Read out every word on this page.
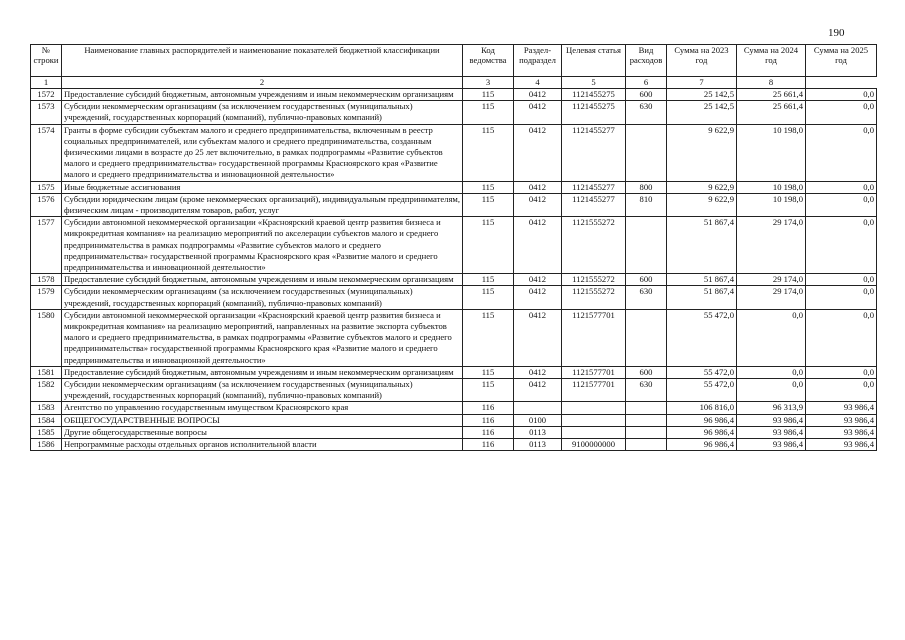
190
№ строки	Наименование главных распорядителей и наименование показателей бюджетной классификации	Код ведомства	Раздел-подраздел	Целевая статья	Вид расходов	Сумма на 2023 год	Сумма на 2024 год	Сумма на 2025 год
1	2	3	4	5	6	7	8	
1572	Предоставление субсидий бюджетным, автономным учреждениям и иным некоммерческим организациям	115	0412	1121455275	600	25 142,5	25 661,4	0,0
1573	Субсидии некоммерческим организациям (за исключением государственных (муниципальных) учреждений, государственных корпораций (компаний), публично-правовых компаний)	115	0412	1121455275	630	25 142,5	25 661,4	0,0
1574	Гранты в форме субсидии субъектам малого и среднего предпринимательства, включенным в реестр социальных предпринимателей, или субъектам малого и среднего предпринимательства, созданным физическими лицами в возрасте до 25 лет включительно, в рамках подпрограммы «Развитие субъектов малого и среднего предпринимательства» государственной программы Красноярского края «Развитие малого и среднего предпринимательства и инновационной деятельности»	115	0412	1121455277		9 622,9	10 198,0	0,0
1575	Иные бюджетные ассигнования	115	0412	1121455277	800	9 622,9	10 198,0	0,0
1576	Субсидии юридическим лицам (кроме некоммерческих организаций), индивидуальным предпринимателям, физическим лицам - производителям товаров, работ, услуг	115	0412	1121455277	810	9 622,9	10 198,0	0,0
1577	Субсидии автономной некоммерческой организации «Красноярский краевой центр развития бизнеса и микрокредитная компания» на реализацию мероприятий по акселерации субъектов малого и среднего предпринимательства в рамках подпрограммы «Развитие субъектов малого и среднего предпринимательства» государственной программы Красноярского края «Развитие малого и среднего предпринимательства и инновационной деятельности»	115	0412	1121555272		51 867,4	29 174,0	0,0
1578	Предоставление субсидий бюджетным, автономным учреждениям и иным некоммерческим организациям	115	0412	1121555272	600	51 867,4	29 174,0	0,0
1579	Субсидии некоммерческим организациям (за исключением государственных (муниципальных) учреждений, государственных корпораций (компаний), публично-правовых компаний)	115	0412	1121555272	630	51 867,4	29 174,0	0,0
1580	Субсидии автономной некоммерческой организации «Красноярский краевой центр развития бизнеса и микрокредитная компания» на реализацию мероприятий, направленных на развитие экспорта субъектов малого и среднего предпринимательства, в рамках подпрограммы «Развитие субъектов малого и среднего предпринимательства» государственной программы Красноярского края «Развитие малого и среднего предпринимательства и инновационной деятельности»	115	0412	1121577701		55 472,0	0,0	0,0
1581	Предоставление субсидий бюджетным, автономным учреждениям и иным некоммерческим организациям	115	0412	1121577701	600	55 472,0	0,0	0,0
1582	Субсидии некоммерческим организациям (за исключением государственных (муниципальных) учреждений, государственных корпораций (компаний), публично-правовых компаний)	115	0412	1121577701	630	55 472,0	0,0	0,0
1583	Агентство по управлению государственным имуществом Красноярского края	116				106 816,0	96 313,9	93 986,4
1584	ОБЩЕГОСУДАРСТВЕННЫЕ ВОПРОСЫ	116	0100			96 986,4	93 986,4	93 986,4
1585	Другие общегосударственные вопросы	116	0113			96 986,4	93 986,4	93 986,4
1586	Непрограммные расходы отдельных органов исполнительной власти	116	0113	9100000000		96 986,4	93 986,4	93 986,4
